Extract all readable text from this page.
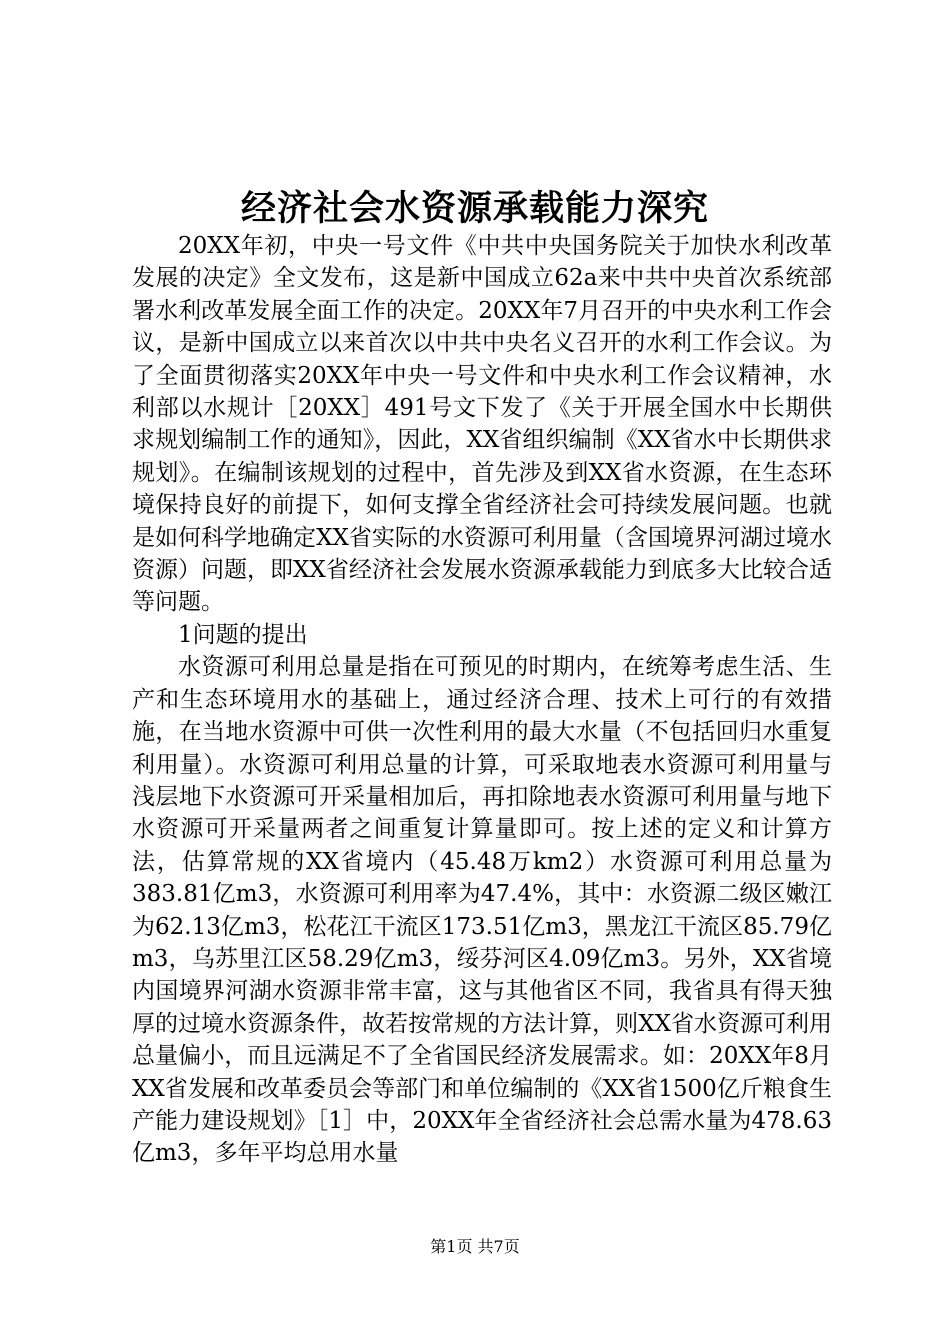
经济社会水资源承载能力深究

20XX年初，中央一号文件《中共中央国务院关于加快水利改革发展的决定》全文发布，这是新中国成立62a来中共中央首次系统部署水利改革发展全面工作的决定。20XX年7月召开的中央水利工作会议，是新中国成立以来首次以中共中央名义召开的水利工作会议。为了全面贯彻落实20XX年中央一号文件和中央水利工作会议精神，水利部以水规计［20XX］491号文下发了《关于开展全国水中长期供求规划编制工作的通知》，因此，XX省组织编制《XX省水中长期供求规划》。在编制该规划的过程中，首先涉及到XX省水资源，在生态环境保持良好的前提下，如何支撑全省经济社会可持续发展问题。也就是如何科学地确定XX省实际的水资源可利用量（含国境界河湖过境水资源）问题，即XX省经济社会发展水资源承载能力到底多大比较合适等问题。

1问题的提出

水资源可利用总量是指在可预见的时期内，在统筹考虑生活、生产和生态环境用水的基础上，通过经济合理、技术上可行的有效措施，在当地水资源中可供一次性利用的最大水量（不包括回归水重复利用量）。水资源可利用总量的计算，可采取地表水资源可利用量与浅层地下水资源可开采量相加后，再扣除地表水资源可利用量与地下水资源可开采量两者之间重复计算量即可。按上述的定义和计算方法，估算常规的XX省境内（45.48万km2）水资源可利用总量为383.81亿m3，水资源可利用率为47.4%，其中：水资源二级区嫩江为62.13亿m3，松花江干流区173.51亿m3，黑龙江干流区85.79亿m3，乌苏里江区58.29亿m3，绥芬河区4.09亿m3。另外，XX省境内国境界河湖水资源非常丰富，这与其他省区不同，我省具有得天独厚的过境水资源条件，故若按常规的方法计算，则XX省水资源可利用总量偏小，而且远满足不了全省国民经济发展需求。如：20XX年8月XX省发展和改革委员会等部门和单位编制的《XX省1500亿斤粮食生产能力建设规划》［1］中，20XX年全省经济社会总需水量为478.63亿m3，多年平均总用水量

第1页 共7页
